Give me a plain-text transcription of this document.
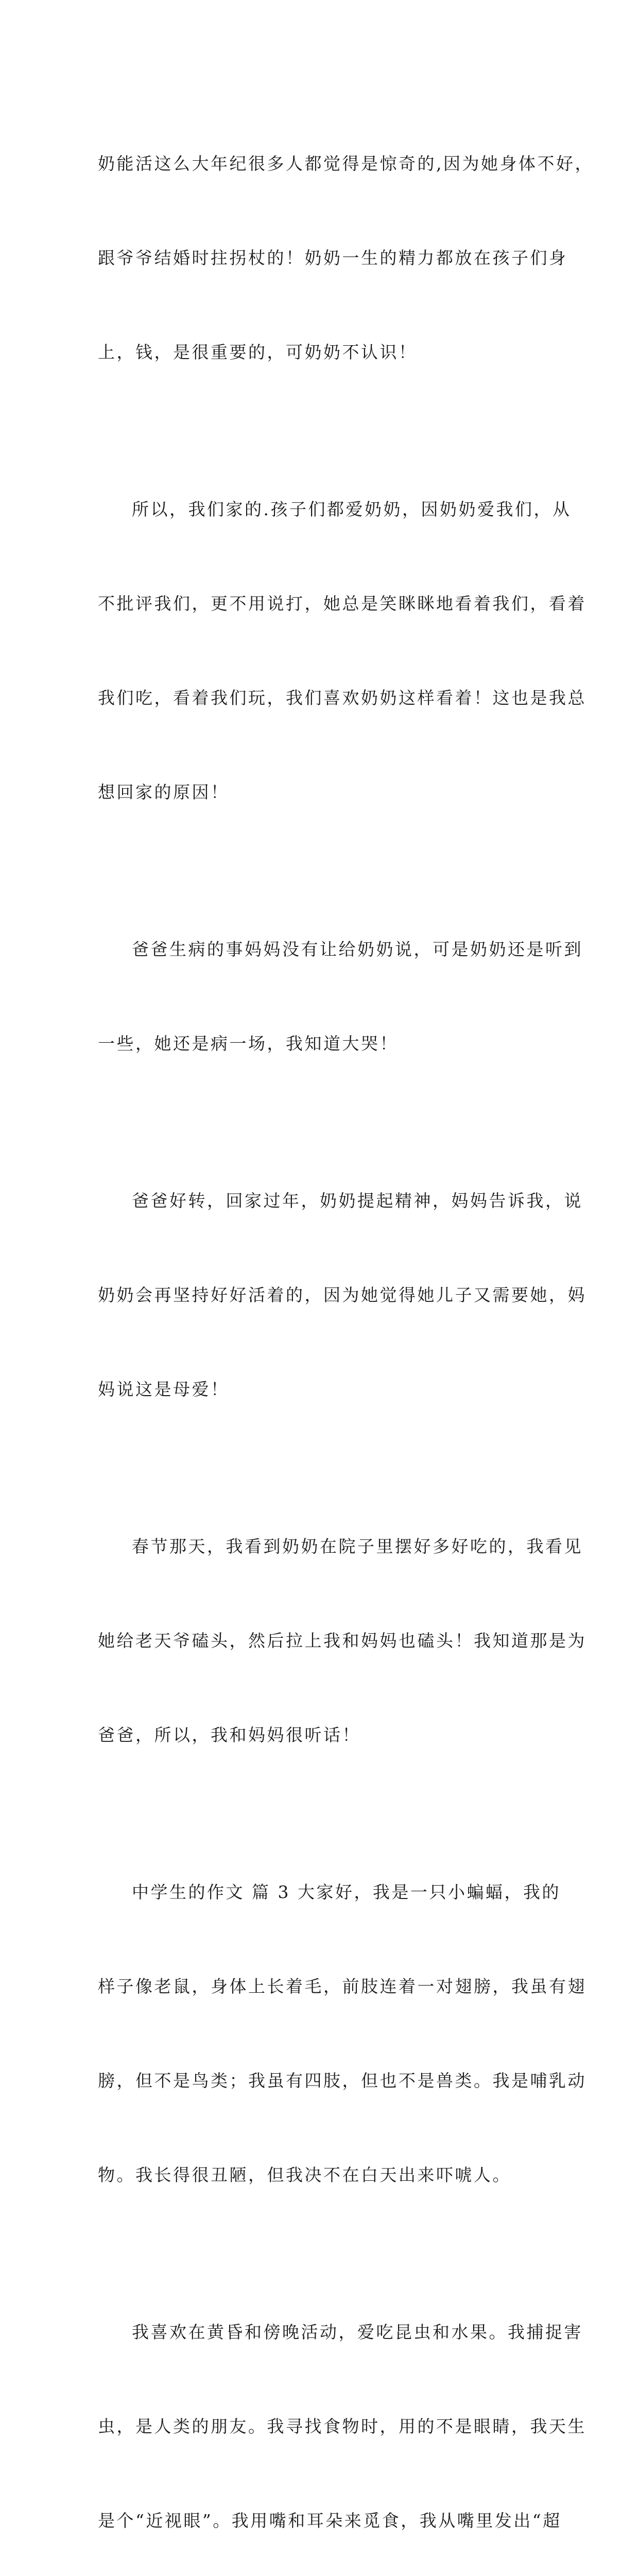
奶能活这么大年纪很多人都觉得是惊奇的,因为她身体不好，

跟爷爷结婚时拄拐杖的！奶奶一生的精力都放在孩子们身

上，钱，是很重要的，可奶奶不认识！

所以，我们家的.孩子们都爱奶奶，因奶奶爱我们，从

不批评我们，更不用说打，她总是笑眯眯地看着我们，看着

我们吃，看着我们玩，我们喜欢奶奶这样看着！这也是我总

想回家的原因！

爸爸生病的事妈妈没有让给奶奶说，可是奶奶还是听到

一些，她还是病一场，我知道大哭！

爸爸好转，回家过年，奶奶提起精神，妈妈告诉我，说

奶奶会再坚持好好活着的，因为她觉得她儿子又需要她，妈

妈说这是母爱！

春节那天，我看到奶奶在院子里摆好多好吃的，我看见

她给老天爷磕头，然后拉上我和妈妈也磕头！我知道那是为

爸爸，所以，我和妈妈很听话！

中学生的作文 篇 3 大家好，我是一只小蝙蝠，我的

样子像老鼠，身体上长着毛，前肢连着一对翅膀，我虽有翅

膀，但不是鸟类；我虽有四肢，但也不是兽类。我是哺乳动

物。我长得很丑陋，但我决不在白天出来吓唬人。

我喜欢在黄昏和傍晚活动，爱吃昆虫和水果。我捕捉害

虫，是人类的朋友。我寻找食物时，用的不是眼睛，我天生

是个“近视眼”。我用嘴和耳朵来觅食，我从嘴里发出“超
